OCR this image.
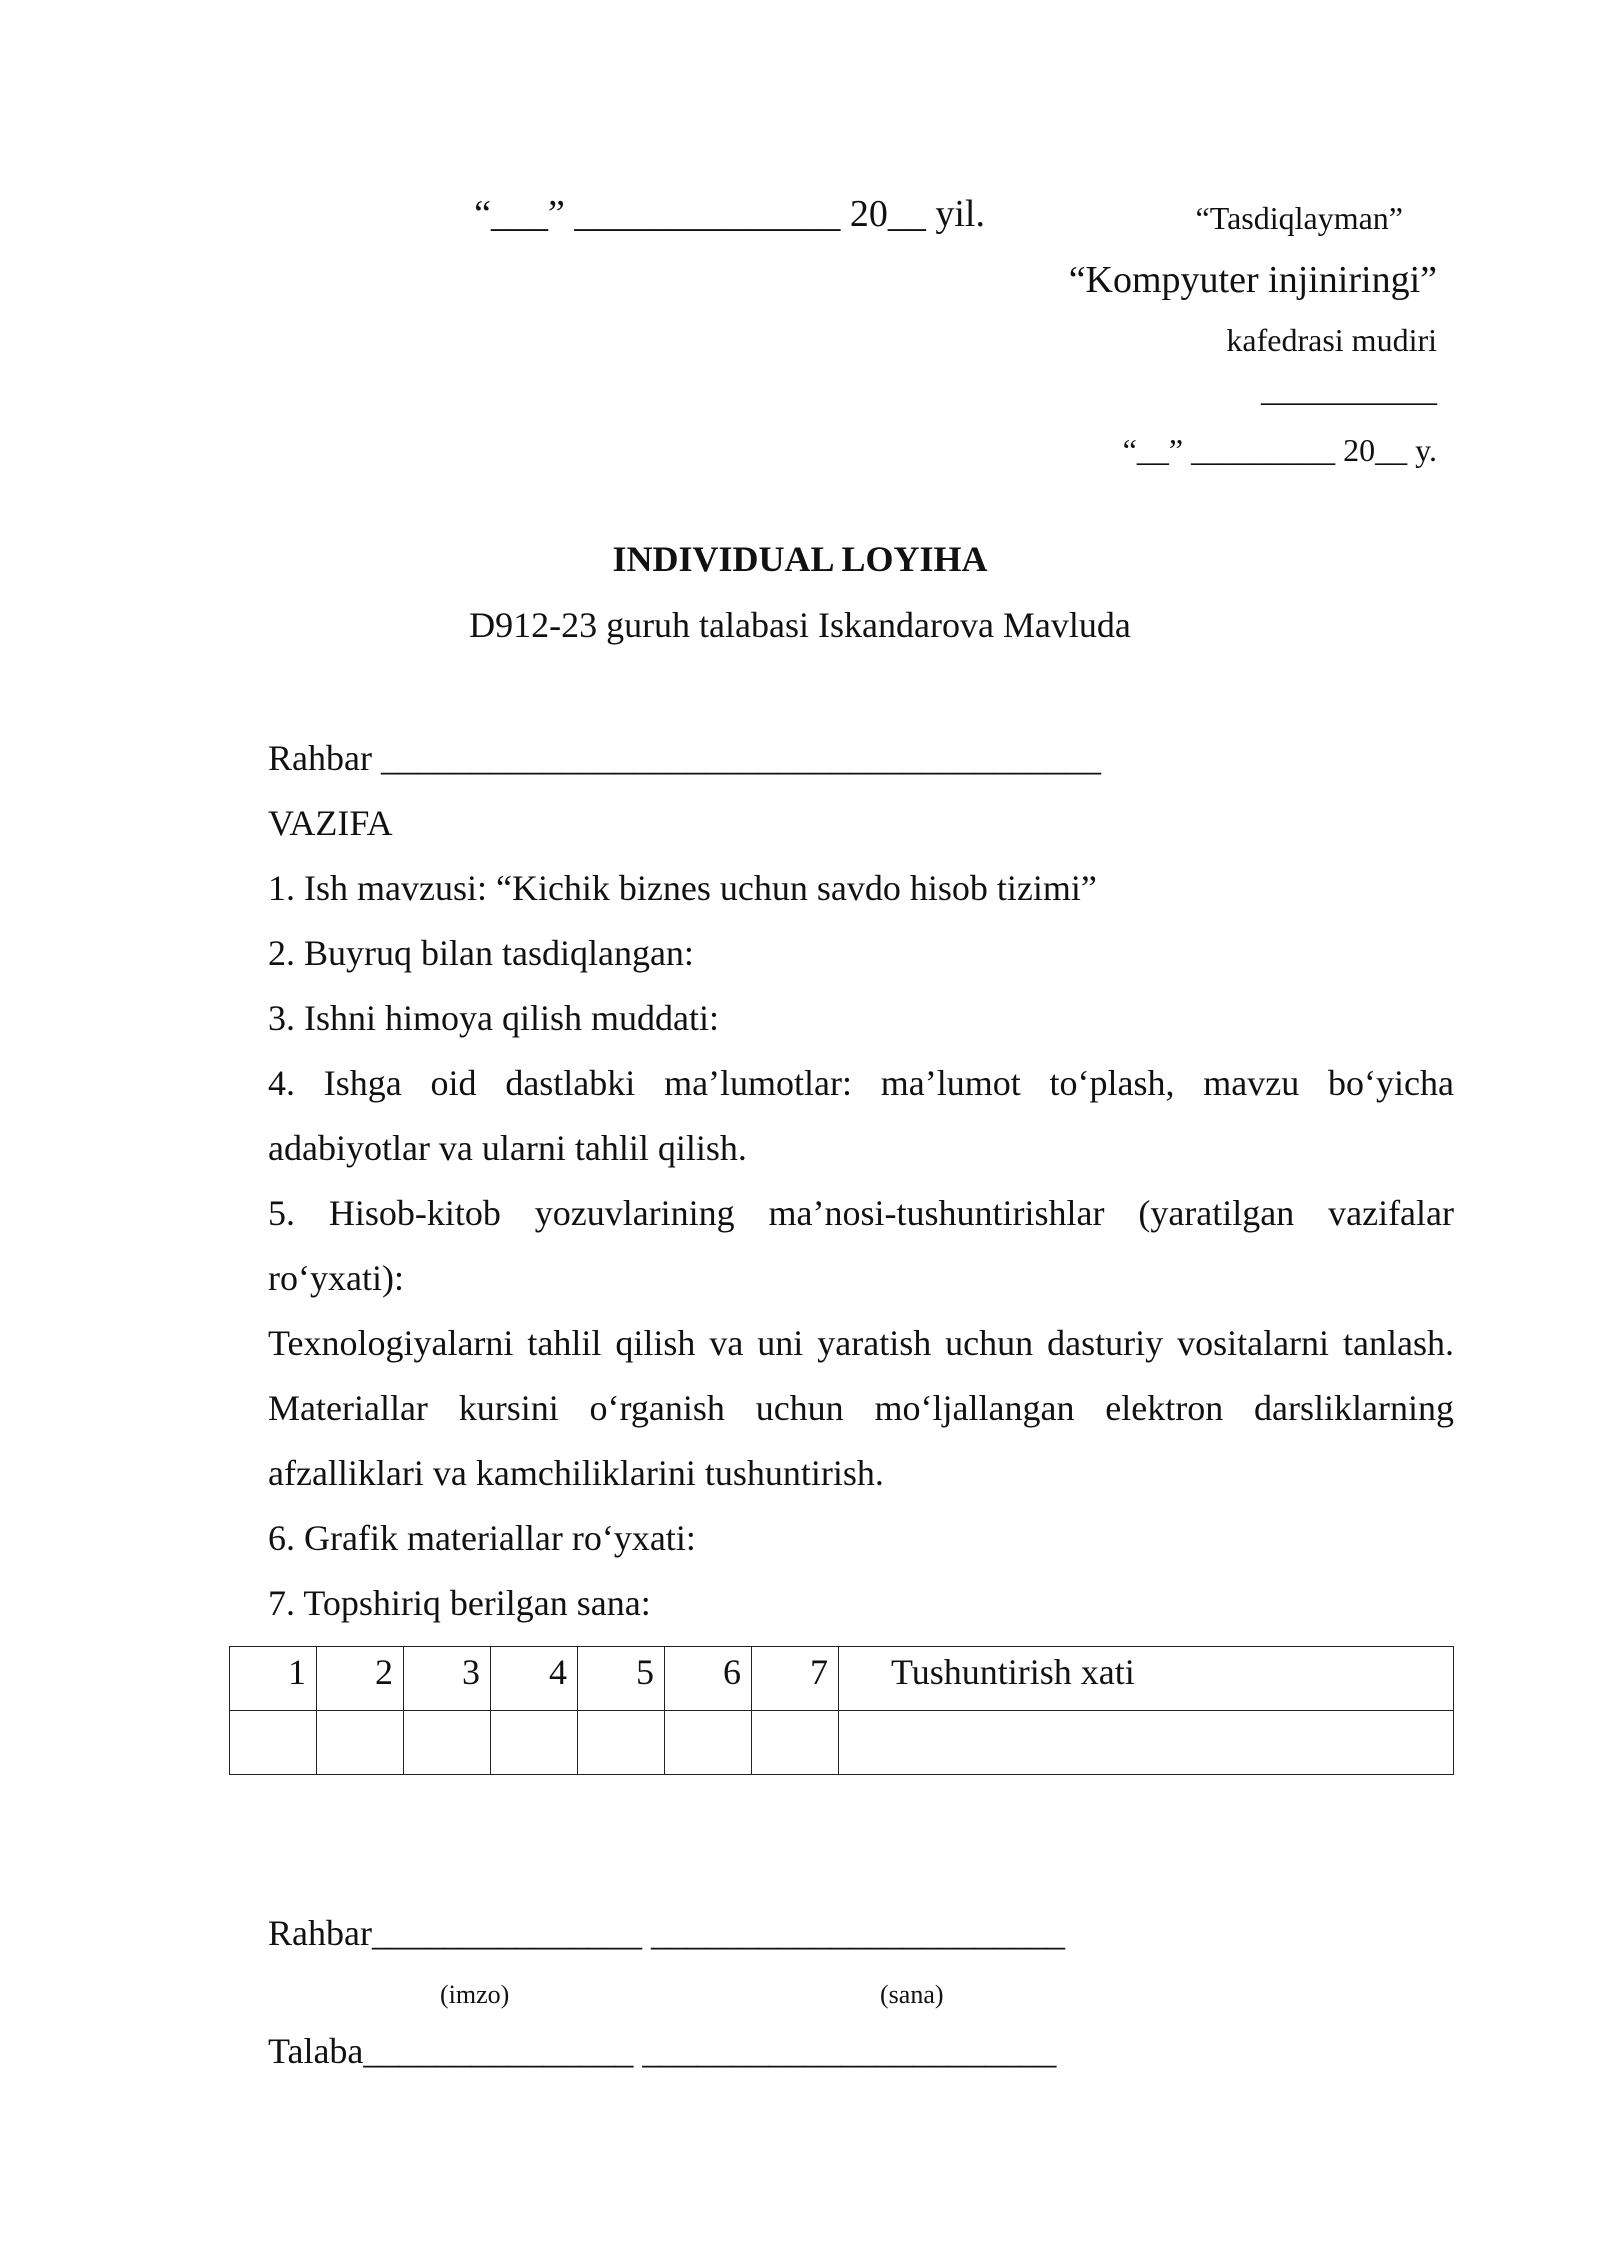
“___” ______________ 20__ yil.	“Tasdiqlayman”
“Kompyuter injiniringi”
kafedrasi mudiri
___________
“__” _________ 20__ y.
INDIVIDUAL LOYIHA
D912-23 guruh talabasi Iskandarova Mavluda
Rahbar ________________________________________
VAZIFA
1. Ish mavzusi: “Kichik biznes uchun savdo hisob tizimi”
2. Buyruq bilan tasdiqlangan:
3. Ishni himoya qilish muddati:
4. Ishga oid dastlabki ma’lumotlar: ma’lumot to‘plash, mavzu bo‘yicha
adabiyotlar va ularni tahlil qilish.
5. Hisob-kitob yozuvlarining ma’nosi-tushuntirishlar (yaratilgan vazifalar
ro‘yxati):
Texnologiyalarni tahlil qilish va uni yaratish uchun dasturiy vositalarni tanlash.
Materiallar kursini o‘rganish uchun mo‘ljallangan elektron darsliklarning
afzalliklari va kamchiliklarini tushuntirish.
6. Grafik materiallar ro‘yxati:
7. Topshiriq berilgan sana:
1	2	3	4	5	6	7	Tushuntirish xati

Rahbar_______________ _______________________
(imzo)	(sana)
Talaba_______________ _______________________
